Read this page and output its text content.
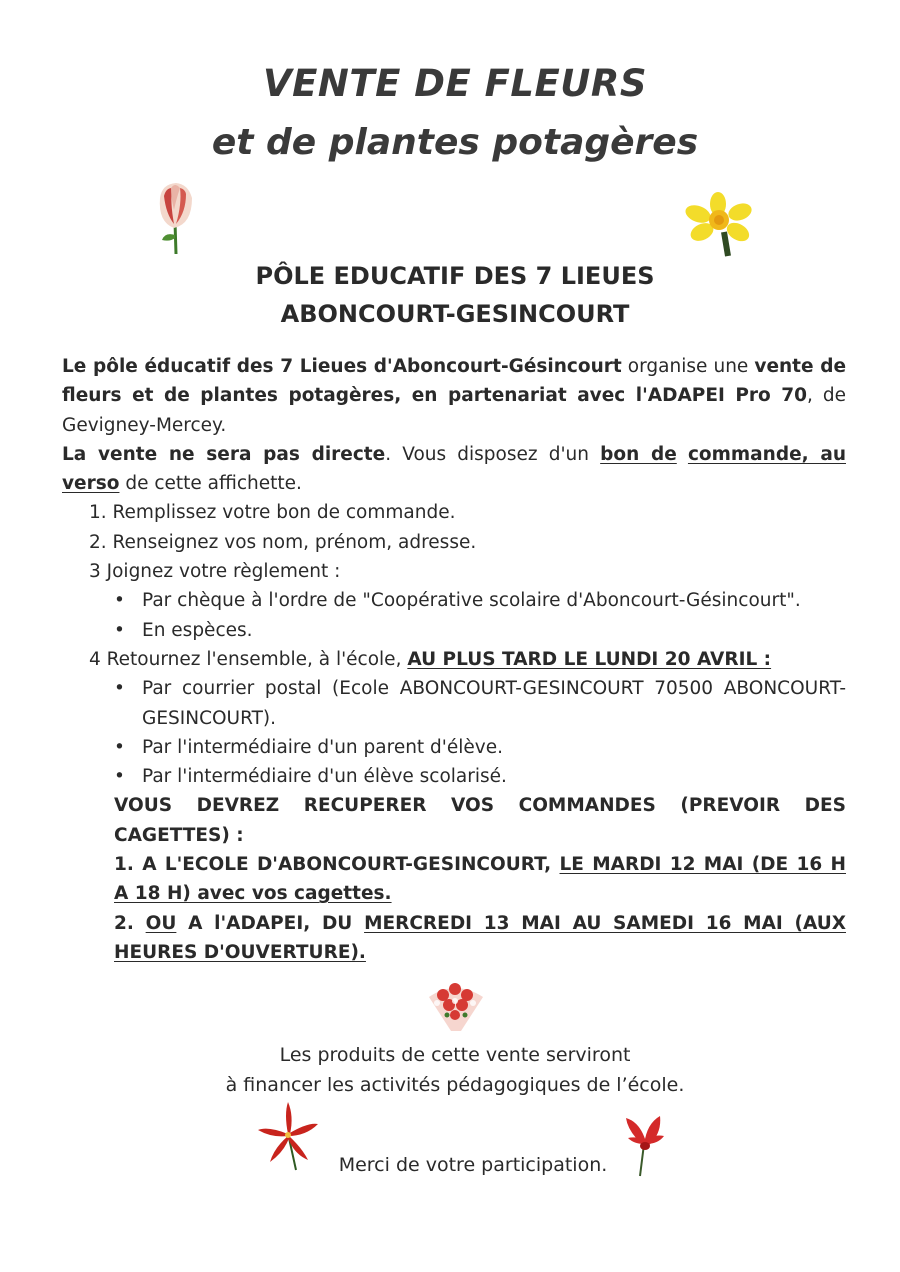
VENTE DE FLEURS
et de plantes potagères
PÔLE EDUCATIF DES 7 LIEUES
ABONCOURT-GESINCOURT

Le pôle éducatif des 7 Lieues d'Aboncourt-Gésincourt organise une vente de fleurs et de plantes potagères, en partenariat avec l'ADAPEI Pro 70, de Gevigney-Mercey.

La vente ne sera pas directe. Vous disposez d'un bon de commande, au verso de cette affichette.

1. Remplissez votre bon de commande.

2. Renseignez vos nom, prénom, adresse.

3 Joignez votre règlement :

• Par chèque à l'ordre de "Coopérative scolaire d'Aboncourt-Gésincourt".

• En espèces.

4 Retournez l'ensemble, à l'école, AU PLUS TARD LE LUNDI 20 AVRIL :

• Par courrier postal (Ecole ABONCOURT-GESINCOURT 70500 ABONCOURT-GESINCOURT).

• Par l'intermédiaire d'un parent d'élève.

• Par l'intermédiaire d'un élève scolarisé.

VOUS DEVREZ RECUPERER VOS COMMANDES (PREVOIR DES CAGETTES) :

1. A L'ECOLE D'ABONCOURT-GESINCOURT, LE MARDI 12 MAI (DE 16 H A 18 H) avec vos cagettes.

2. OU A l'ADAPEI, DU MERCREDI 13 MAI AU SAMEDI 16 MAI (AUX HEURES D'OUVERTURE).

Les produits de cette vente serviront
à financer les activités pédagogiques de l’école.
Merci de votre participation.
